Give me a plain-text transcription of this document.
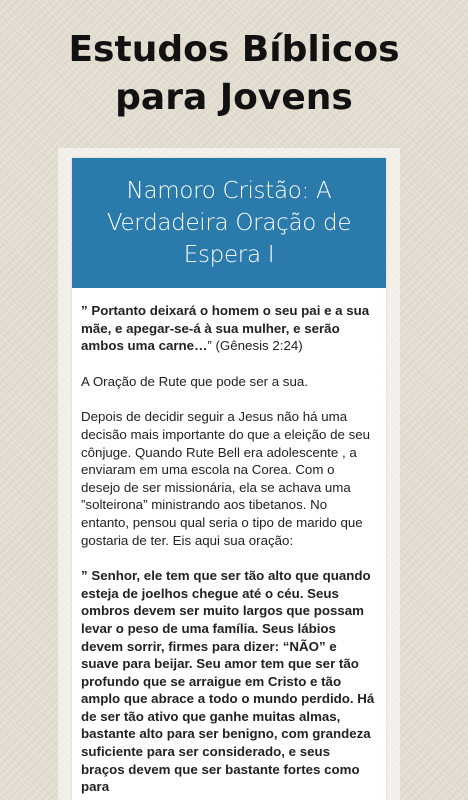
Estudos Bíblicos
para Jovens
Namoro Cristão: A Verdadeira Oração de Espera I

” Portanto deixará o homem o seu pai e a sua mãe, e apegar-se-á à sua mulher, e serão ambos uma carne…” (Gênesis 2:24)

A Oração de Rute que pode ser a sua.

Depois de decidir seguir a Jesus não há uma decisão mais importante do que a eleição de seu cônjuge. Quando Rute Bell era adolescente , a enviaram em uma escola na Corea. Com o desejo de ser missionária, ela se achava uma ”solteirona” ministrando aos tibetanos. No entanto, pensou qual seria o tipo de marido que gostaria de ter. Eis aqui sua oração:

” Senhor, ele tem que ser tão alto que quando esteja de joelhos chegue até o céu. Seus ombros devem ser muito largos que possam levar o peso de uma família. Seus lábios devem sorrir, firmes para dizer: “NÃO” e suave para beijar. Seu amor tem que ser tão profundo que se arraigue em Cristo e tão amplo que abrace a todo o mundo perdido. Há de ser tão ativo que ganhe muitas almas, bastante alto para ser benigno, com grandeza suficiente para ser considerado, e seus braços devem que ser bastante fortes como para
